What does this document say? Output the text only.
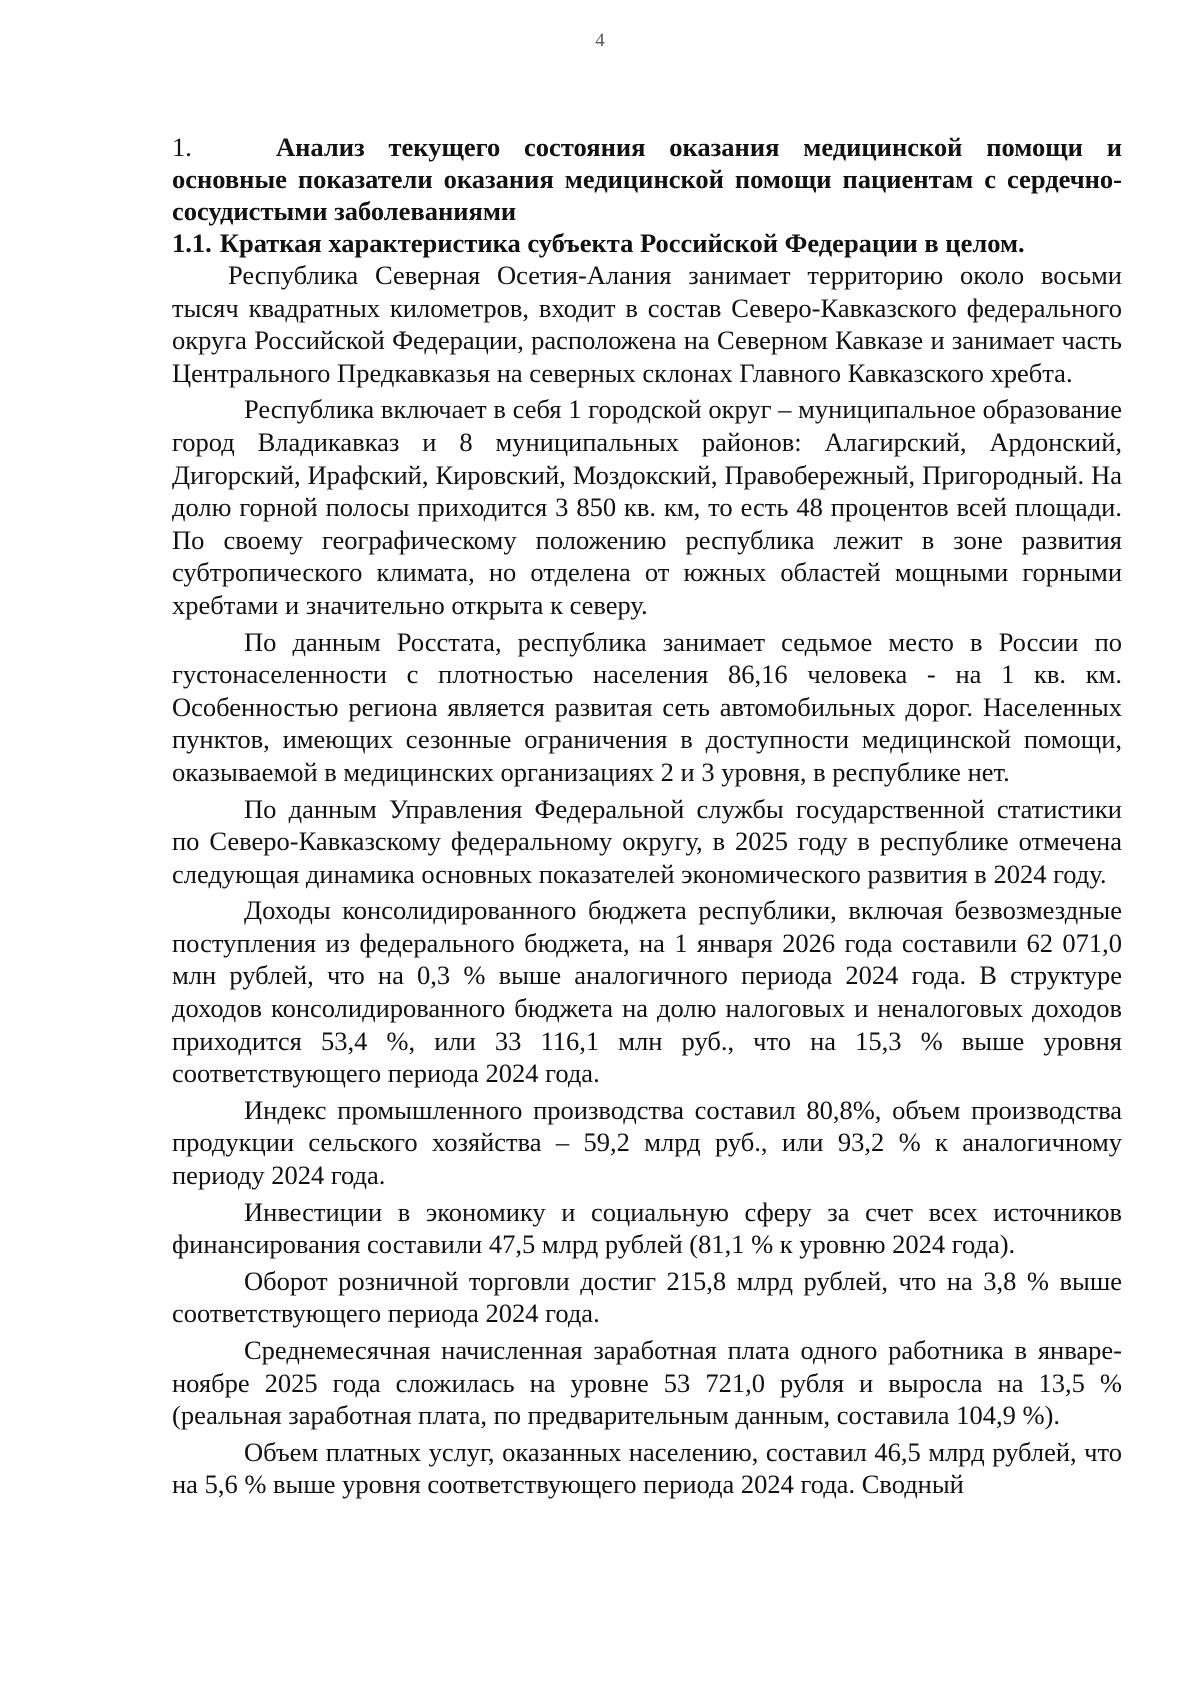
4

1.	Анализ текущего состояния оказания медицинской помощи и основные показатели оказания медицинской помощи пациентам с сердечно-сосудистыми заболеваниями

1.1. Краткая характеристика субъекта Российской Федерации в целом.

Республика Северная Осетия-Алания занимает территорию около восьми тысяч квадратных километров, входит в состав Северо-Кавказского федерального округа Российской Федерации, расположена на Северном Кавказе и занимает часть Центрального Предкавказья на северных склонах Главного Кавказского хребта.

Республика включает в себя 1 городской округ – муниципальное образование город Владикавказ и 8 муниципальных районов: Алагирский, Ардонский, Дигорский, Ирафский, Кировский, Моздокский, Правобережный, Пригородный. На долю горной полосы приходится 3 850 кв. км, то есть 48 процентов всей площади. По своему географическому положению республика лежит в зоне развития субтропического климата, но отделена от южных областей мощными горными хребтами и значительно открыта к северу.

По данным Росстата, республика занимает седьмое место в России по густонаселенности с плотностью населения 86,16 человека - на 1 кв. км. Особенностью региона является развитая сеть автомобильных дорог. Населенных пунктов, имеющих сезонные ограничения в доступности медицинской помощи, оказываемой в медицинских организациях 2 и 3 уровня, в республике нет.

По данным Управления Федеральной службы государственной статистики по Северо-Кавказскому федеральному округу, в 2025 году в республике отмечена следующая динамика основных показателей экономического развития в 2024 году.

Доходы консолидированного бюджета республики, включая безвозмездные поступления из федерального бюджета, на 1 января 2026 года составили 62 071,0 млн рублей, что на 0,3 % выше аналогичного периода 2024 года. В структуре доходов консолидированного бюджета на долю налоговых и неналоговых доходов приходится 53,4 %, или 33 116,1 млн руб., что на 15,3 % выше уровня соответствующего периода 2024 года.

Индекс промышленного производства составил 80,8%, объем производства продукции сельского хозяйства – 59,2 млрд руб., или 93,2 % к аналогичному периоду 2024 года.

Инвестиции в экономику и социальную сферу за счет всех источников финансирования составили 47,5 млрд рублей (81,1 % к уровню 2024 года).

Оборот розничной торговли достиг 215,8 млрд рублей, что на 3,8 % выше соответствующего периода 2024 года.

Среднемесячная начисленная заработная плата одного работника в январе-ноябре 2025 года сложилась на уровне 53 721,0 рубля и выросла на 13,5 % (реальная заработная плата, по предварительным данным, составила 104,9 %).

Объем платных услуг, оказанных населению, составил 46,5 млрд рублей, что на 5,6 % выше уровня соответствующего периода 2024 года. Сводный
